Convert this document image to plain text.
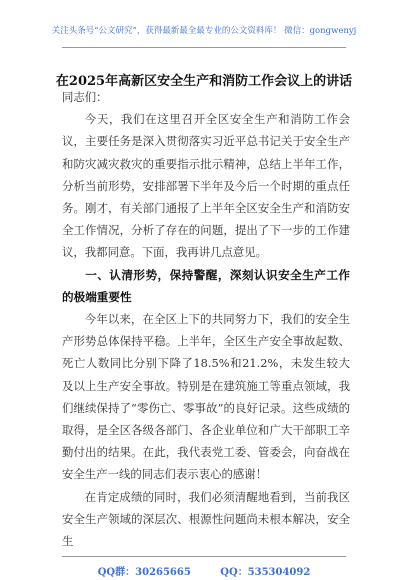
关注头条号“公文研究”，获得最新最全最专业的公文资料库！ 微信：gongwenyj
在2025年高新区安全生产和消防工作会议上的讲话

同志们：

今天，我们在这里召开全区安全生产和消防工作会议，主要任务是深入贯彻落实习近平总书记关于安全生产和防灾减灾救灾的重要指示批示精神，总结上半年工作，分析当前形势，安排部署下半年及今后一个时期的重点任务。刚才，有关部门通报了上半年全区安全生产和消防安全工作情况，分析了存在的问题，提出了下一步的工作建议，我都同意。下面，我再讲几点意见。

一、认清形势，保持警醒，深刻认识安全生产工作的极端重要性

今年以来，在全区上下的共同努力下，我们的安全生产形势总体保持平稳。上半年，全区生产安全事故起数、死亡人数同比分别下降了18.5%和21.2%，未发生较大及以上生产安全事故。特别是在建筑施工等重点领域，我们继续保持了“零伤亡、零事故”的良好记录。这些成绩的取得，是全区各级各部门、各企业单位和广大干部职工辛勤付出的结果。在此，我代表党工委、管委会，向奋战在安全生产一线的同志们表示衷心的感谢！

在肯定成绩的同时，我们必须清醒地看到，当前我区安全生产领域的深层次、根源性问题尚未根本解决，安全生

QQ群：30265665	QQ：535304092
